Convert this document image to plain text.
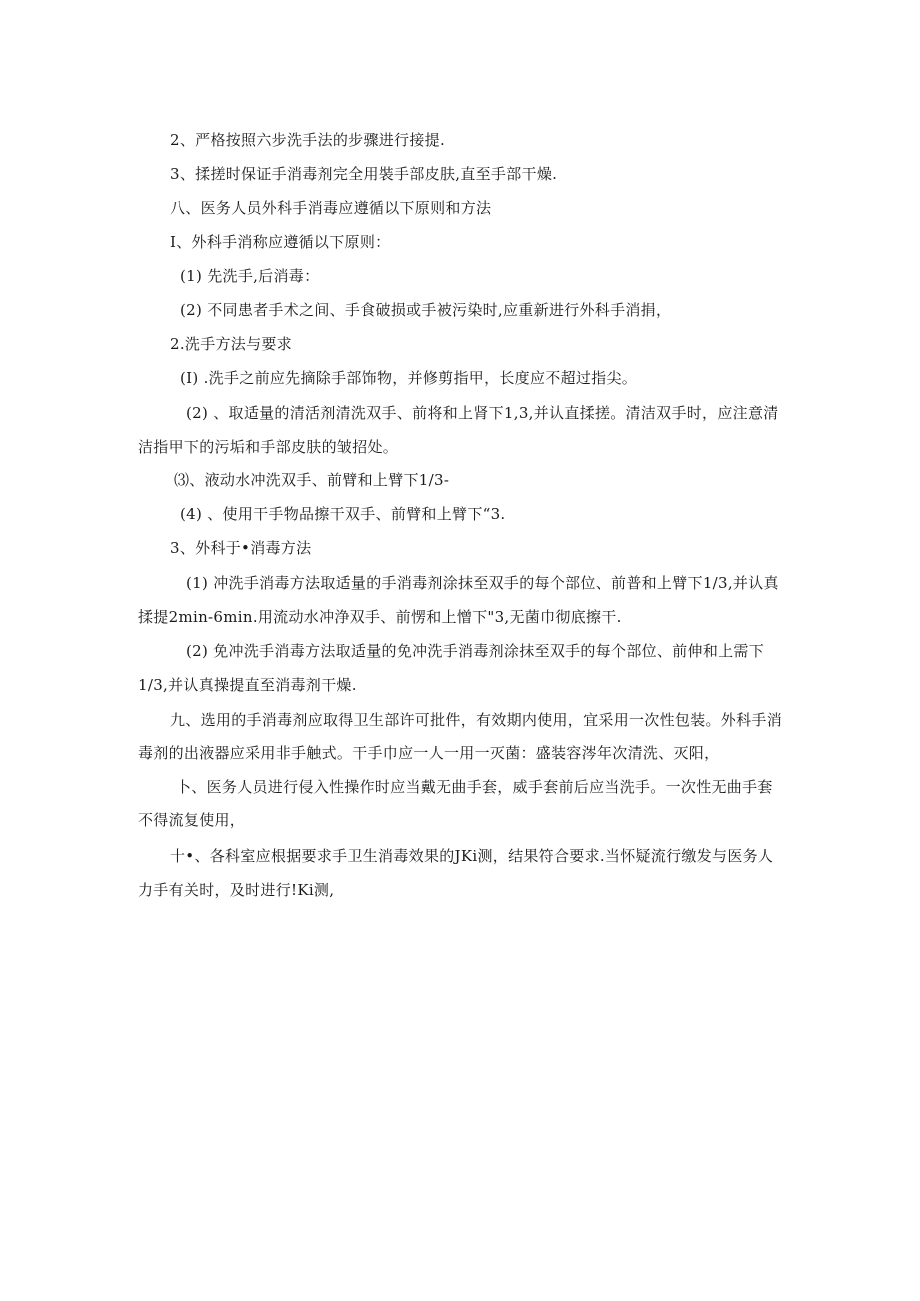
2、严格按照六步洗手法的步骤进行接提.
3、揉搓时保证手消毒剂完全用裝手部皮肤,直至手部干燥.
八、医务人员外科手消毒应遵循以下原则和方法
I、外科手消称应遵循以下原则：
(1) 先洗手,后消毒：
(2) 不同患者手术之间、手食破损或手被污染时,应重新进行外科手消捐，
2.洗手方法与要求
(I) .洗手之前应先摘除手部饰物，并修剪指甲，长度应不超过指尖。
(2) 、取适量的清活剂清洗双手、前将和上肾下1,3,并认直揉搓。清洁双手时，应注意清
洁指甲下的污垢和手部皮肤的皱招处。
⑶、液动水冲洗双手、前臂和上臂下1/3-
(4) 、使用干手物品擦干双手、前臂和上臂下“3.
3、外科于•消毒方法
(1) 冲洗手消毒方法取适量的手消毒剂涂抹至双手的每个部位、前普和上臂下1/3,并认真
揉提2min-6min.用流动水冲浄双手、前愣和上憎下"3,无菌巾彻底擦干.
(2) 免冲洗手消毒方法取适量的免冲洗手消毒剂涂抹至双手的每个部位、前伸和上需下
1/3,并认真操提直至消毒剂干燥.
九、选用的手消毒剂应取得卫生部许可批件，有效期内使用，宜采用一次性包装。外科手消
毒剂的出液器应采用非手触式。干手巾应一人一用一灭菌：盛装容涔年次清洗、灭阳，
卜、医务人员进行侵入性操作时应当戴无曲手套，威手套前后应当洗手。一次性无曲手套
不得流复使用，
十•、各科室应根据要求手卫生消毒效果的JKi测，结果符合要求.当怀疑流行缴发与医务人
力手有关时，及时进行!Ki测,
